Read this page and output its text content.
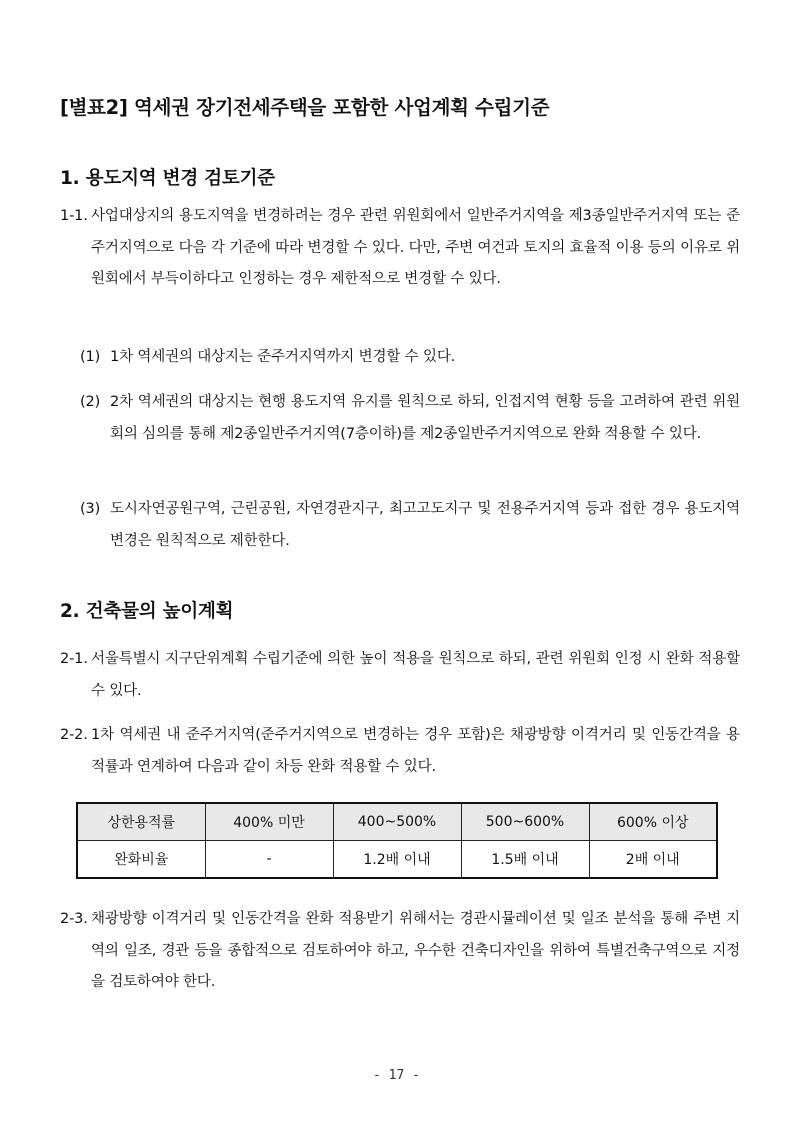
[별표2] 역세권 장기전세주택을 포함한 사업계획 수립기준
1. 용도지역 변경 검토기준
1-1. 사업대상지의 용도지역을 변경하려는 경우 관련 위원회에서 일반주거지역을 제3종일반주거지역 또는 준주거지역으로 다음 각 기준에 따라 변경할 수 있다. 다만, 주변 여건과 토지의 효율적 이용 등의 이유로 위원회에서 부득이하다고 인정하는 경우 제한적으로 변경할 수 있다.
(1) 1차 역세권의 대상지는 준주거지역까지 변경할 수 있다.
(2) 2차 역세권의 대상지는 현행 용도지역 유지를 원칙으로 하되, 인접지역 현황 등을 고려하여 관련 위원회의 심의를 통해 제2종일반주거지역(7층이하)를 제2종일반주거지역으로 완화 적용할 수 있다.
(3) 도시자연공원구역, 근린공원, 자연경관지구, 최고고도지구 및 전용주거지역 등과 접한 경우 용도지역 변경은 원칙적으로 제한한다.
2. 건축물의 높이계획
2-1. 서울특별시 지구단위계획 수립기준에 의한 높이 적용을 원칙으로 하되, 관련 위원회 인정 시 완화 적용할 수 있다.
2-2. 1차 역세권 내 준주거지역(준주거지역으로 변경하는 경우 포함)은 채광방향 이격거리 및 인동간격을 용적률과 연계하여 다음과 같이 차등 완화 적용할 수 있다.
상한용적률	400% 미만	400~500%	500~600%	600% 이상
완화비율	-	1.2배 이내	1.5배 이내	2배 이내
2-3. 채광방향 이격거리 및 인동간격을 완화 적용받기 위해서는 경관시뮬레이션 및 일조 분석을 통해 주변 지역의 일조, 경관 등을 종합적으로 검토하여야 하고, 우수한 건축디자인을 위하여 특별건축구역으로 지정을 검토하여야 한다.
- 17 -
